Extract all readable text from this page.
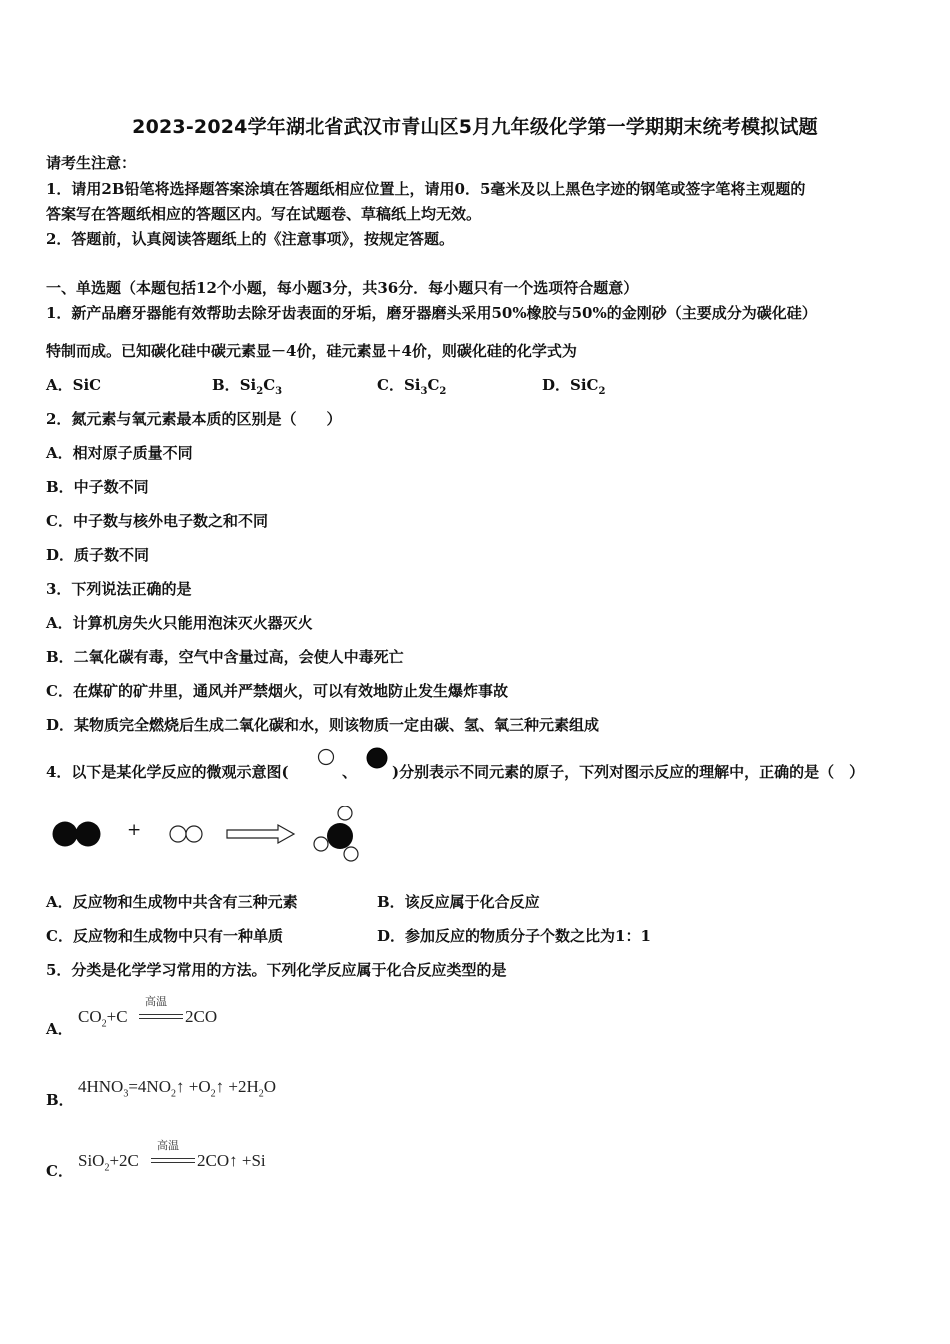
2023-2024学年湖北省武汉市青山区5月九年级化学第一学期期末统考模拟试题
请考生注意：
1．请用2B铅笔将选择题答案涂填在答题纸相应位置上，请用0．5毫米及以上黑色字迹的钢笔或签字笔将主观题的
答案写在答题纸相应的答题区内。写在试题卷、草稿纸上均无效。
2．答题前，认真阅读答题纸上的《注意事项》，按规定答题。
一、单选题（本题包括12个小题，每小题3分，共36分．每小题只有一个选项符合题意）
1．新产品磨牙器能有效帮助去除牙齿表面的牙垢，磨牙器磨头采用50%橡胶与50%的金刚砂（主要成分为碳化硅）
特制而成。已知碳化硅中碳元素显－4价，硅元素显＋4价，则碳化硅的化学式为
A．SiC	B．$Si_2C_3$	C．$Si_3C_2$	D．SiC$_2$
2．氮元素与氧元素最本质的区别是（　　）
A．相对原子质量不同
B．中子数不同
C．中子数与核外电子数之和不同
D．质子数不同
3．下列说法正确的是
A．计算机房失火只能用泡沫灭火器灭火
B．二氧化碳有毒，空气中含量过高，会使人中毒死亡
C．在煤矿的矿井里，通风并严禁烟火，可以有效地防止发生爆炸事故
D．某物质完全燃烧后生成二氧化碳和水，则该物质一定由碳、氢、氧三种元素组成
4．以下是某化学反应的微观示意图(	、 )分别表示不同元素的原子，下列对图示反应的理解中，正确的是（　）
+
A．反应物和生成物中共含有三种元素	B．该反应属于化合反应
C．反应物和生成物中只有一种单质	D．参加反应的物质分子个数之比为1：1
5．分类是化学学习常用的方法。下列化学反应属于化合反应类型的是
A．
$CO_2+C$
高温
2CO
B．
$4HNO_3=4NO_2↑$ $+O_2↑ +2H_2O$
C．
SiO$_2$+2C
高温
2CO↑ +Si
